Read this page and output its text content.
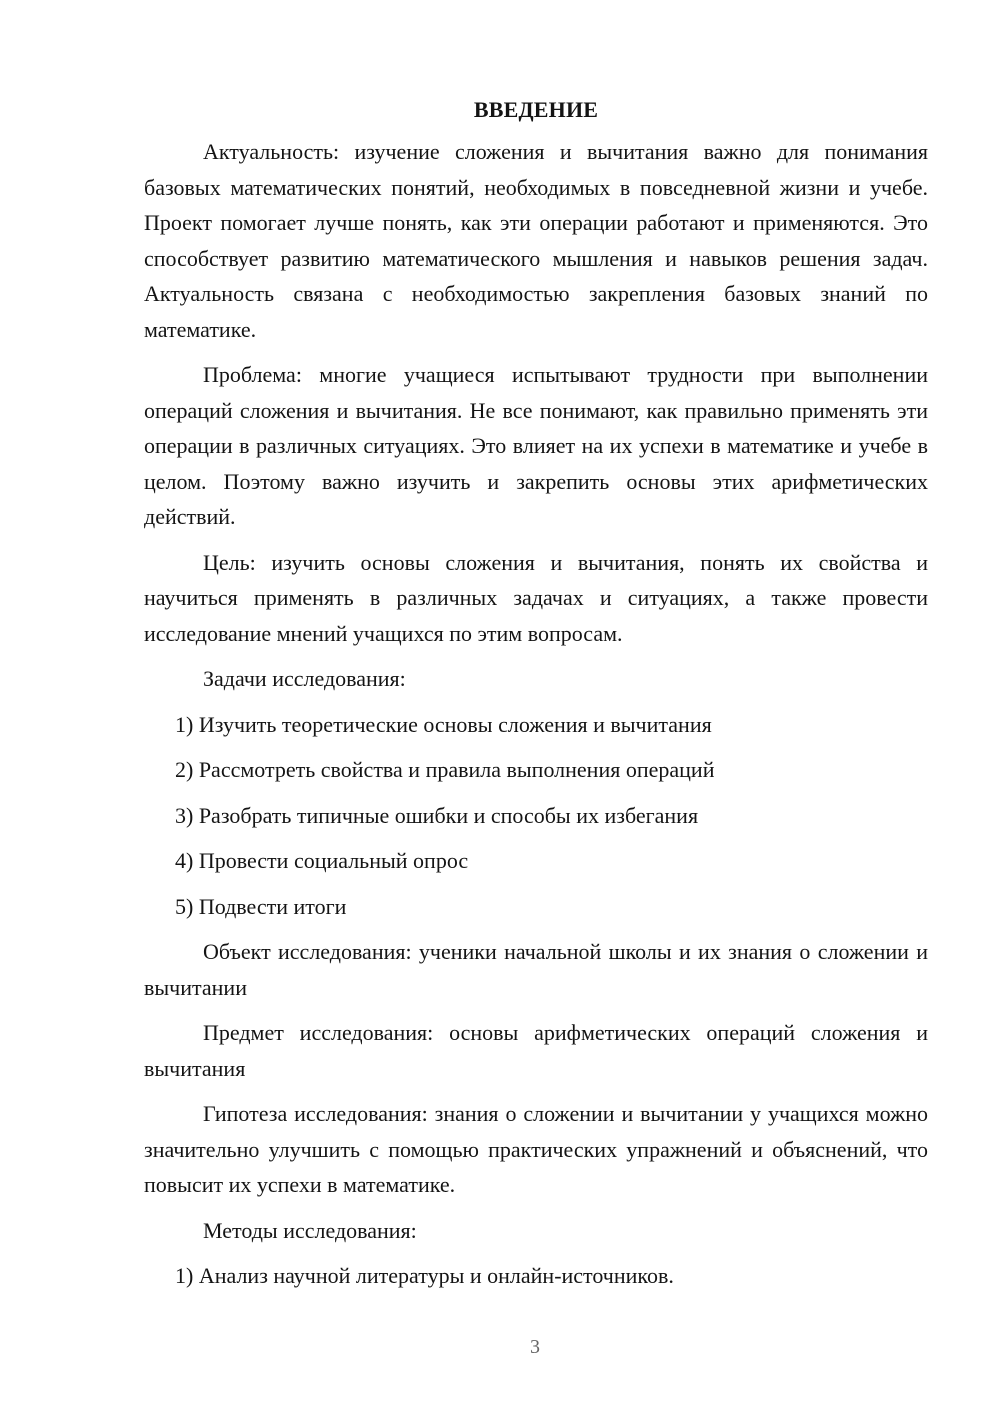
ВВЕДЕНИЕ

Актуальность: изучение сложения и вычитания важно для понимания базовых математических понятий, необходимых в повседневной жизни и учебе. Проект помогает лучше понять, как эти операции работают и применяются. Это способствует развитию математического мышления и навыков решения задач. Актуальность связана с необходимостью закрепления базовых знаний по математике.

Проблема: многие учащиеся испытывают трудности при выполнении операций сложения и вычитания. Не все понимают, как правильно применять эти операции в различных ситуациях. Это влияет на их успехи в математике и учебе в целом. Поэтому важно изучить и закрепить основы этих арифметических действий.

Цель: изучить основы сложения и вычитания, понять их свойства и научиться применять в различных задачах и ситуациях, а также провести исследование мнений учащихся по этим вопросам.

Задачи исследования:
1) Изучить теоретические основы сложения и вычитания
2) Рассмотреть свойства и правила выполнения операций
3) Разобрать типичные ошибки и способы их избегания
4) Провести социальный опрос
5) Подвести итоги

Объект исследования: ученики начальной школы и их знания о сложении и вычитании

Предмет исследования: основы арифметических операций сложения и вычитания

Гипотеза исследования: знания о сложении и вычитании у учащихся можно значительно улучшить с помощью практических упражнений и объяснений, что повысит их успехи в математике.

Методы исследования:
1) Анализ научной литературы и онлайн-источников.
3
